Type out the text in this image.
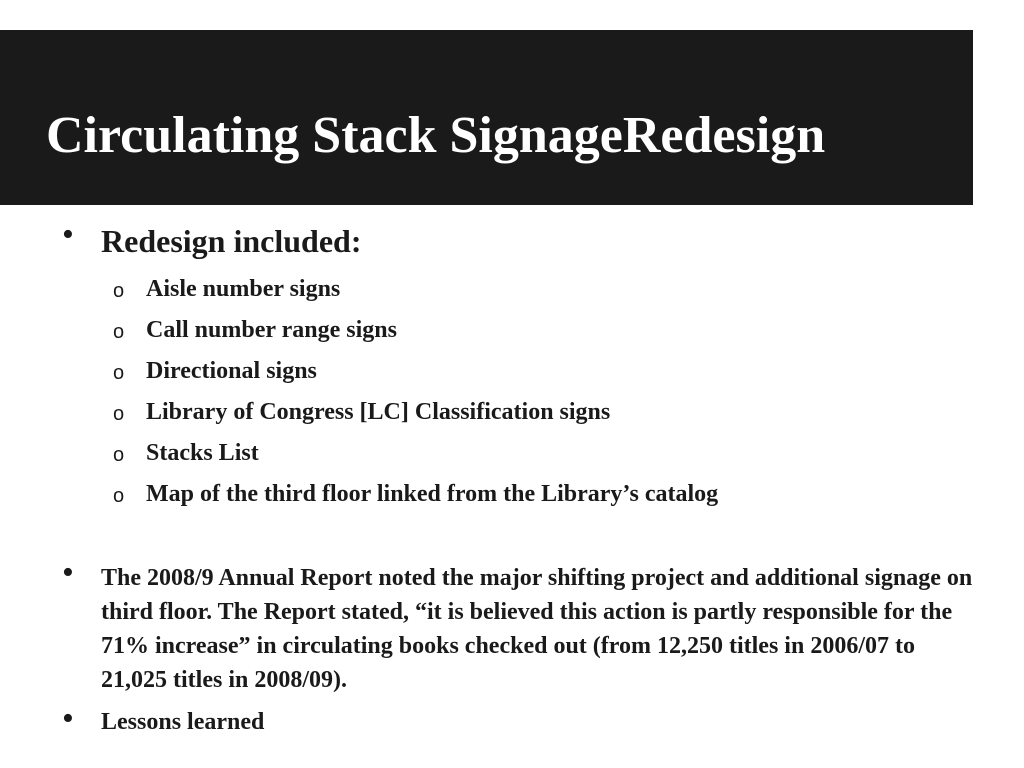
Circulating Stack SignageRedesign
• Redesign included:
o Aisle number signs
o Call number range signs
o Directional signs
o Library of Congress [LC] Classification signs
o Stacks List
o Map of the third floor linked from the Library’s catalog
• The 2008/9 Annual Report noted the major shifting project and additional signage on third floor. The Report stated, “it is believed this action is partly responsible for the 71% increase” in circulating books checked out (from 12,250 titles in 2006/07 to 21,025 titles in 2008/09).

• Lessons learned
